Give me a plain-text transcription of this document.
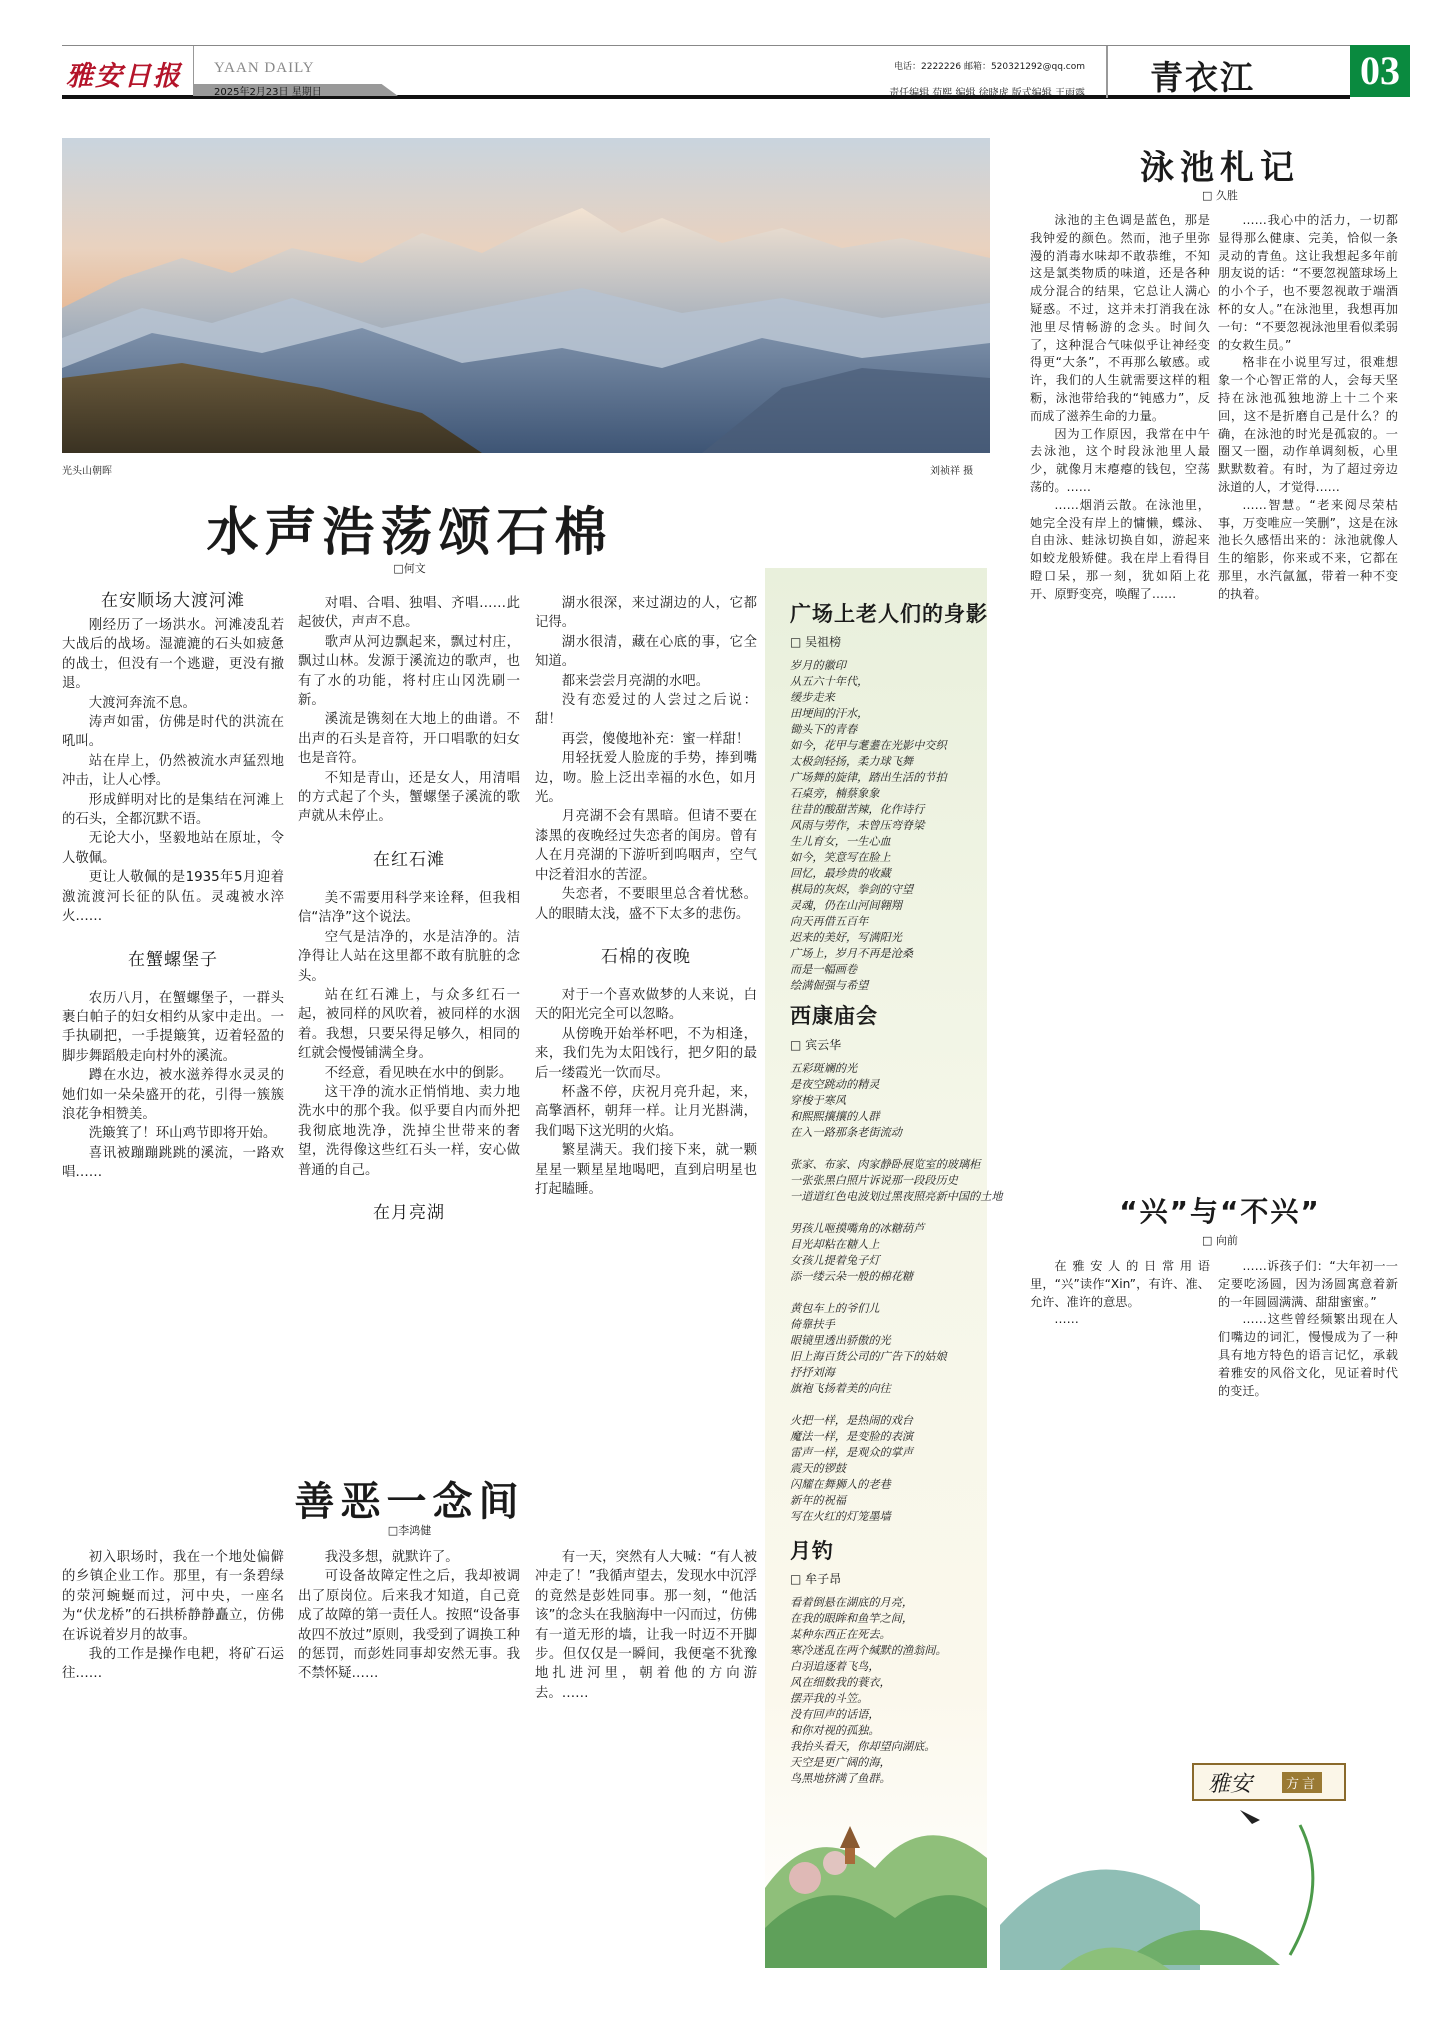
雅安日报 YAAN DAILY
2025年2月23日 星期日
电话：2222226 邮箱：520321292@qq.com
责任编辑 苟熙 编辑 徐晓虎 版式编辑 王雨露 青衣江	03
光头山朝晖	刘祯祥 摄
水声浩荡颂石棉
□何文
在安顺场大渡河滩

刚经历了一场洪水。河滩凌乱若大战后的战场。湿漉漉的石头如疲惫的战士，但没有一个逃避，更没有撤退。

大渡河奔流不息。

涛声如雷，仿佛是时代的洪流在吼叫。

站在岸上，仍然被流水声猛烈地冲击，让人心悸。

形成鲜明对比的是集结在河滩上的石头，全都沉默不语。

无论大小，坚毅地站在原址，令人敬佩。

更让人敬佩的是1935年5月迎着激流渡河长征的队伍。灵魂被水淬火……

在蟹螺堡子

农历八月，在蟹螺堡子，一群头裹白帕子的妇女相约从家中走出。一手执刷把，一手提簸箕，迈着轻盈的脚步舞蹈般走向村外的溪流。

蹲在水边，被水滋养得水灵灵的她们如一朵朵盛开的花，引得一簇簇浪花争相赞美。

洗簸箕了！环山鸡节即将开始。

喜讯被蹦蹦跳跳的溪流，一路欢唱……

对唱、合唱、独唱、齐唱……此起彼伏，声声不息。

歌声从河边飘起来，飘过村庄，飘过山林。发源于溪流边的歌声，也有了水的功能，将村庄山冈洗刷一新。

溪流是镌刻在大地上的曲谱。不出声的石头是音符，开口唱歌的妇女也是音符。

不知是青山，还是女人，用清唱的方式起了个头，蟹螺堡子溪流的歌声就从未停止。

在红石滩

美不需要用科学来诠释，但我相信“洁净”这个说法。

空气是洁净的，水是洁净的。洁净得让人站在这里都不敢有肮脏的念头。

站在红石滩上，与众多红石一起，被同样的风吹着，被同样的水洇着。我想，只要呆得足够久，相同的红就会慢慢铺满全身。

不经意，看见映在水中的倒影。

这干净的流水正悄悄地、卖力地洗水中的那个我。似乎要自内而外把我彻底地洗净，洗掉尘世带来的奢望，洗得像这些红石头一样，安心做普通的自己。

在月亮湖

湖水很深，来过湖边的人，它都记得。

湖水很清，藏在心底的事，它全知道。

都来尝尝月亮湖的水吧。

没有恋爱过的人尝过之后说：甜！

再尝，傻傻地补充：蜜一样甜！

用轻抚爱人脸庞的手势，捧到嘴边，吻。脸上泛出幸福的水色，如月光。

月亮湖不会有黑暗。但请不要在漆黑的夜晚经过失恋者的闺房。曾有人在月亮湖的下游听到呜咽声，空气中泛着泪水的苦涩。

失恋者，不要眼里总含着忧愁。人的眼睛太浅，盛不下太多的悲伤。

石棉的夜晚

对于一个喜欢做梦的人来说，白天的阳光完全可以忽略。

从傍晚开始举杯吧，不为相逢，来，我们先为太阳饯行，把夕阳的最后一缕霞光一饮而尽。

杯盏不停，庆祝月亮升起，来，高擎酒杯，朝拜一样。让月光斟满，我们喝下这光明的火焰。

繁星满天。我们接下来，就一颗星星一颗星星地喝吧，直到启明星也打起瞌睡。

广场上老人们的身影
□ 吴祖榜
岁月的徽印
从五六十年代，
缓步走来
田埂间的汗水，
锄头下的青春
如今，花甲与耄耋在光影中交织
太极剑轻扬，柔力球飞舞
广场舞的旋律，踏出生活的节拍
石桌旁，楠蔡象象
往昔的酸甜苦辣，化作诗行
风雨与劳作，未曾压弯脊梁
生儿育女，一生心血
如今，笑意写在脸上
回忆，最珍贵的收藏
棋局的灰烬，拳剑的守望
灵魂，仍在山河间翱翔
向天再借五百年
迟来的美好，写满阳光
广场上，岁月不再是沧桑
而是一幅画卷
绘满倔强与希望
西康庙会
□ 宾云华
五彩斑斓的光
是夜空跳动的精灵
穿梭于寒风
和熙熙攘攘的人群
在入一路那条老街流动
张家、布家、肉家静卧展览室的玻璃柜
一张张黑白照片诉说那一段段历史
一道道红色电波划过黑夜照亮新中国的土地
男孩儿咂摸嘴角的冰糖葫芦
目光却粘在糖人上
女孩儿提着兔子灯
添一缕云朵一般的棉花糖
黄包车上的爷们儿
倚靠扶手
眼镜里透出骄傲的光
旧上海百货公司的广告下的姑娘
抒抒刘海
旗袍飞扬着美的向往
火把一样，是热闹的戏台
魔法一样，是变脸的表演
雷声一样，是观众的掌声
震天的锣鼓
闪耀在舞狮人的老巷
新年的祝福
写在火红的灯笼墨墙
月钓
□ 牟子昂
看着倒悬在湖底的月亮，
在我的眼眸和鱼竿之间，
某种东西正在死去。
寒冷迷乱在两个缄默的渔翁间。
白羽追逐着飞鸟，
风在细数我的蓑衣，
摆弄我的斗笠。
没有回声的话语，
和你对视的孤独。
我抬头看天，你却望向湖底。
天空是更广阔的海，
鸟黑地挤满了鱼群。
泳池札记
□ 久胜

泳池的主色调是蓝色，那是我钟爱的颜色。然而，池子里弥漫的消毒水味却不敢恭维，不知这是氯类物质的味道，还是各种成分混合的结果，它总让人满心疑惑。不过，这并未打消我在泳池里尽情畅游的念头。时间久了，这种混合气味似乎让神经变得更“大条”，不再那么敏感。或许，我们的人生就需要这样的粗粝，泳池带给我的“钝感力”，反而成了滋养生命的力量。

因为工作原因，我常在中午去泳池，这个时段泳池里人最少，就像月末瘪瘪的钱包，空荡荡的。……

……烟消云散。在泳池里，她完全没有岸上的慵懒，蝶泳、自由泳、蛙泳切换自如，游起来如蛟龙般矫健。我在岸上看得目瞪口呆，那一刻，犹如陌上花开、原野变亮，唤醒了……

……我心中的活力，一切都显得那么健康、完美，恰似一条灵动的青鱼。这让我想起多年前朋友说的话：“不要忽视篮球场上的小个子，也不要忽视敢于端酒杯的女人。”在泳池里，我想再加一句：“不要忽视泳池里看似柔弱的女救生员。”

格非在小说里写过，很难想象一个心智正常的人，会每天坚持在泳池孤独地游上十二个来回，这不是折磨自己是什么？的确，在泳池的时光是孤寂的。一圈又一圈，动作单调刻板，心里默默数着。有时，为了超过旁边泳道的人，才觉得……

……智慧。“老来阅尽荣枯事，万变唯应一笑删”，这是在泳池长久感悟出来的：泳池就像人生的缩影，你来或不来，它都在那里，水汽氤氲，带着一种不变的执着。

“兴”与“不兴”
□ 向前

在雅安人的日常用语里，“兴”读作“Xin”，有许、准、允许、准许的意思。

……

……诉孩子们：“大年初一一定要吃汤圆，因为汤圆寓意着新的一年圆圆满满、甜甜蜜蜜。”

……这些曾经频繁出现在人们嘴边的词汇，慢慢成为了一种具有地方特色的语言记忆，承载着雅安的风俗文化，见证着时代的变迁。

雅安	方言
善恶一念间
□李鸿健

初入职场时，我在一个地处偏僻的乡镇企业工作。那里，有一条碧绿的荥河蜿蜒而过，河中央，一座名为“伏龙桥”的石拱桥静静矗立，仿佛在诉说着岁月的故事。

我的工作是操作电耙，将矿石运往……

我没多想，就默许了。

可设备故障定性之后，我却被调出了原岗位。后来我才知道，自己竟成了故障的第一责任人。按照“设备事故四不放过”原则，我受到了调换工种的惩罚，而彭姓同事却安然无事。我不禁怀疑……

有一天，突然有人大喊：“有人被冲走了！”我循声望去，发现水中沉浮的竟然是彭姓同事。那一刻，“他活该”的念头在我脑海中一闪而过，仿佛有一道无形的墙，让我一时迈不开脚步。但仅仅是一瞬间，我便毫不犹豫地扎进河里，朝着他的方向游去。……
